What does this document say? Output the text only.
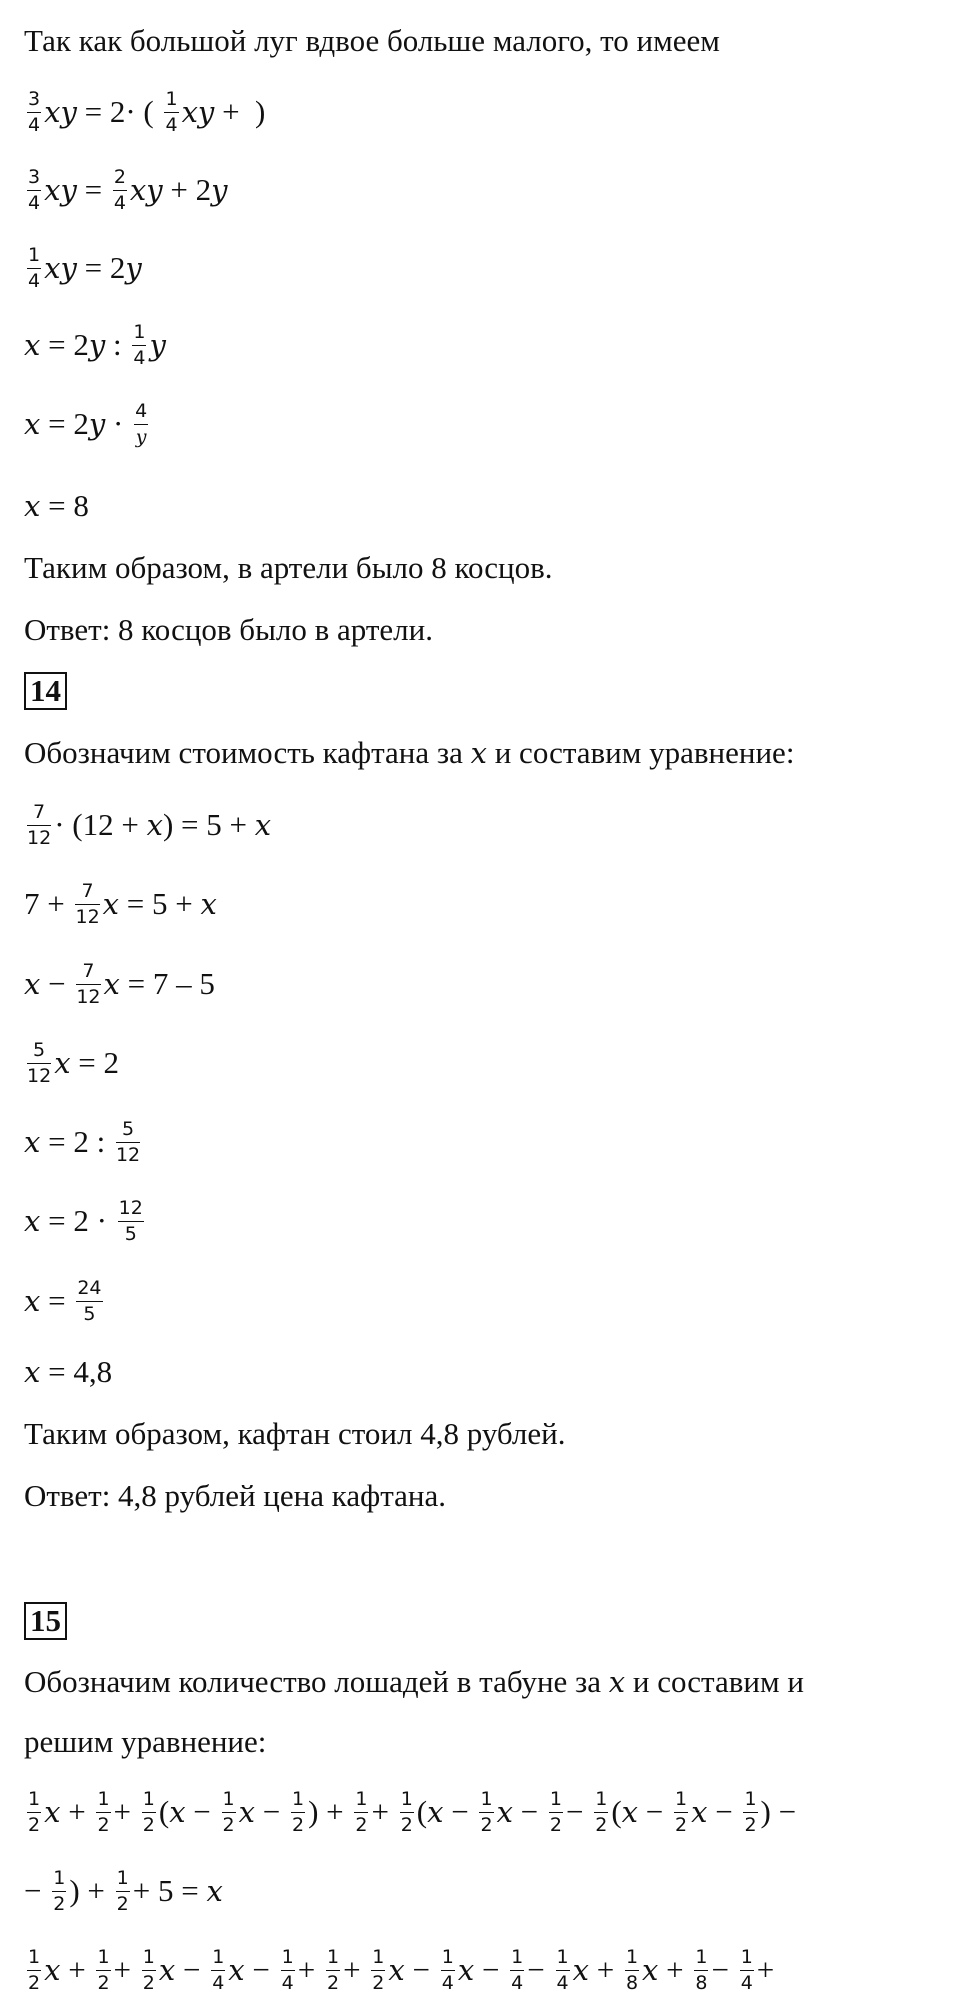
Так как большой луг вдвое больше малого, то имеем
$\frac{3}{4}$ xy = 2· ( $\frac{1}{4}$ xy +  )
$\frac{3}{4}$ xy = $\frac{2}{4}$ xy + 2y
$\frac{1}{4}$ xy = 2y
x = 2y : $\frac{1}{4}$ y
$x = 2y \cdot \frac{4}{y}$
x = 8
Таким образом, в артели было 8 косцов.
Ответ: 8 косцов было в артели.
14
Обозначим стоимость кафтана за x и составим уравнение:
$\frac{7}{12} \cdot (12 + x) = 5 + x$
$7 + \frac{7}{12}$ x = 5 + x
$x - \frac{7}{12}$ x = 7 – 5
$\frac{5}{12}$ x = 2
x = 2 : $\frac{5}{12}$
$x = 2 \cdot \frac{12}{5}$
$x = \frac{24}{5}$
x = 4,8
Таким образом, кафтан стоил 4,8 рублей.
Ответ: 4,8 рублей цена кафтана.
15
Обозначим количество лошадей в табуне за x и составим и
решим уравнение:
$\frac{1}{2}$ $x + \frac{1}{2} + \frac{1}{2} (x - \frac{1}{2}$ $x - \frac{1}{2}$ ) + $\frac{1}{2} + \frac{1}{2} (x - \frac{1}{2}$ $x - \frac{1}{2} - \frac{1}{2} (x - \frac{1}{2}$ $x - \frac{1}{2}$ ) −
− $\frac{1}{2}$ ) + $\frac{1}{2} + 5 = x$
$\frac{1}{2}$ $x + \frac{1}{2} + \frac{1}{2}$ $x - \frac{1}{4}$ $x - \frac{1}{4} + \frac{1}{2} + \frac{1}{2}$ $x - \frac{1}{4}$ $x - \frac{1}{4} - \frac{1}{4}$ $x + \frac{1}{8}$ $x + \frac{1}{8} - \frac{1}{4}$ +
